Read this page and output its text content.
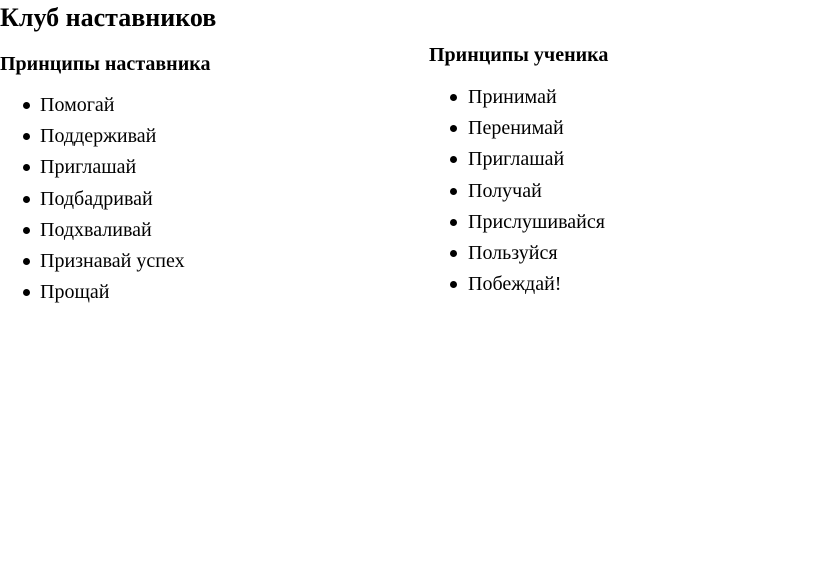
Клуб наставников
Принципы наставника
Помогай
Поддерживай
Приглашай
Подбадривай
Подхваливай
Признавай успех
Прощай
Принципы ученика
Принимай
Перенимай
Приглашай
Получай
Прислушивайся
Пользуйся
Побеждай!
